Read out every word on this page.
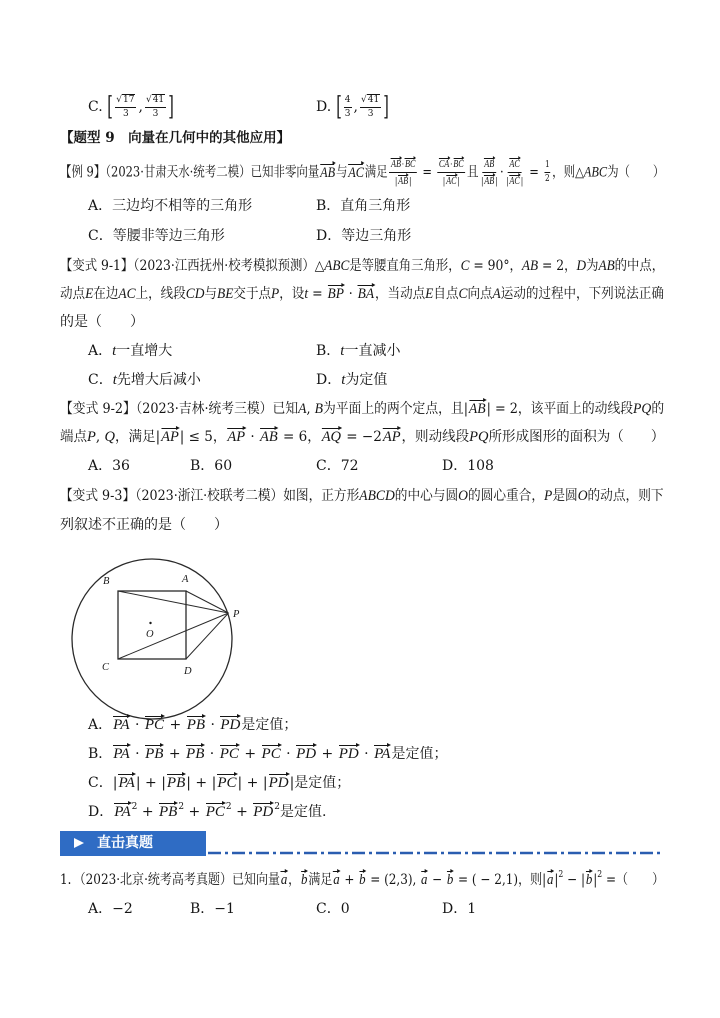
C. [ √ $\frac{17}{3}$ , √ $\frac{41}{3}$ ]	D. [ $\frac{4}{3}$ , √ $\frac{41}{3}$ ]
【题型 9　向量在几何中的其他应用】
【例 9】（2023·甘肃天水·统考二模）已知非零向量AB与AC满足 $\frac{AB\cdot BC}{|AB|} = \frac{CA\cdot BC}{|AC|}$ 且 $\frac{AB}{|AB|} \cdot \frac{AC}{|AC|} = \frac{1}{2}$ ，则△ABC为（　　）
A．三边均不相等的三角形	B．直角三角形
C．等腰非等边三角形	D．等边三角形
【变式 9-1】（2023·江西抚州·校考模拟预测）△ABC是等腰直角三角形，C = 90°，AB = 2，D为AB的中点，
动点E在边AC上，线段CD与BE交于点P，设t = BP · BA，当动点E自点C向点A运动的过程中，下列说法正确
的是（　　）
A．t一直增大	B．t一直减小
C．t先增大后减小	D．t为定值
【变式 9-2】（2023·吉林·统考三模）已知A, B为平面上的两个定点，且|AB| = 2，该平面上的动线段PQ的
端点P, Q，满足|AP| ≤ 5，AP · AB = 6，AQ = −2AP，则动线段PQ所形成图形的面积为（　　）
A．36	B．60	C．72	D．108
【变式 9-3】（2023·浙江·校联考二模）如图，正方形ABCD的中心与圆O的圆心重合，P是圆O的动点，则下
列叙述不正确的是（　　）
A
B
C	D
O
P
A．PA · PC + PB · PD是定值；
B．PA · PB + PB · PC + PC · PD + PD · PA是定值；
C．|PA| + |PB| + |PC| + |PD|是定值；
D．$PA^2 + PB^2 + PC^2 + PD^2$是定值.
直击真题
1．（2023·北京·统考高考真题）已知向量a，b满足a + b = (2,3), a − b = ( − 2,1)，则$|a|^2 - |b|^2$ =（　　）
A．−2	B．−1	C．0	D．1
